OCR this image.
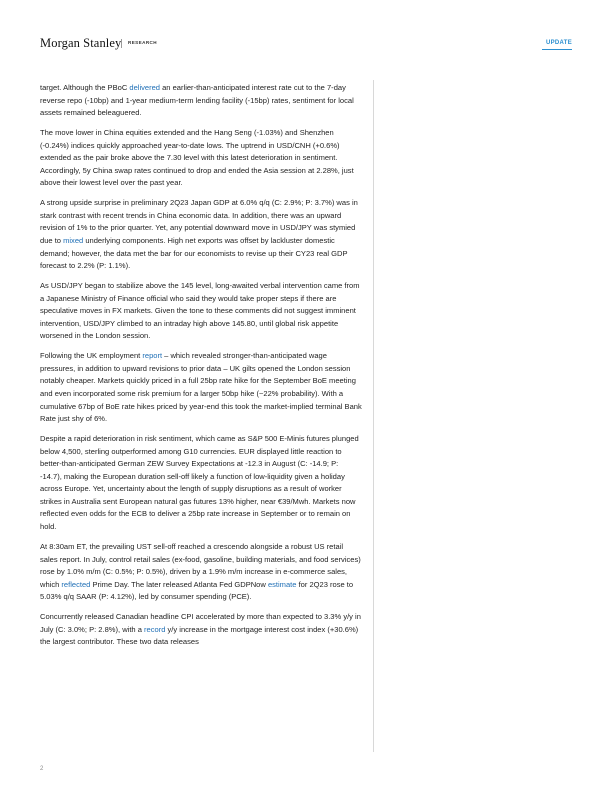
Morgan Stanley RESEARCH	UPDATE

target. Although the PBoC delivered an earlier-than-anticipated interest rate cut to the 7-day reverse repo (-10bp) and 1-year medium-term lending facility (-15bp) rates, sentiment for local assets remained beleaguered.

The move lower in China equities extended and the Hang Seng (-1.03%) and Shenzhen (-0.24%) indices quickly approached year-to-date lows. The uptrend in USD/CNH (+0.6%) extended as the pair broke above the 7.30 level with this latest deterioration in sentiment. Accordingly, 5y China swap rates continued to drop and ended the Asia session at 2.28%, just above their lowest level over the past year.

A strong upside surprise in preliminary 2Q23 Japan GDP at 6.0% q/q (C: 2.9%; P: 3.7%) was in stark contrast with recent trends in China economic data. In addition, there was an upward revision of 1% to the prior quarter. Yet, any potential downward move in USD/JPY was stymied due to mixed underlying components. High net exports was offset by lackluster domestic demand; however, the data met the bar for our economists to revise up their CY23 real GDP forecast to 2.2% (P: 1.1%).

As USD/JPY began to stabilize above the 145 level, long-awaited verbal intervention came from a Japanese Ministry of Finance official who said they would take proper steps if there are speculative moves in FX markets. Given the tone to these comments did not suggest imminent intervention, USD/JPY climbed to an intraday high above 145.80, until global risk appetite worsened in the London session.

Following the UK employment report – which revealed stronger-than-anticipated wage pressures, in addition to upward revisions to prior data – UK gilts opened the London session notably cheaper. Markets quickly priced in a full 25bp rate hike for the September BoE meeting and even incorporated some risk premium for a larger 50bp hike (~22% probability). With a cumulative 67bp of BoE rate hikes priced by year-end this took the market-implied terminal Bank Rate just shy of 6%.

Despite a rapid deterioration in risk sentiment, which came as S&P 500 E-Minis futures plunged below 4,500, sterling outperformed among G10 currencies. EUR displayed little reaction to better-than-anticipated German ZEW Survey Expectations at -12.3 in August (C: -14.9; P: -14.7), making the European duration sell-off likely a function of low-liquidity given a holiday across Europe. Yet, uncertainty about the length of supply disruptions as a result of worker strikes in Australia sent European natural gas futures 13% higher, near €39/Mwh. Markets now reflected even odds for the ECB to deliver a 25bp rate increase in September or to remain on hold.

At 8:30am ET, the prevailing UST sell-off reached a crescendo alongside a robust US retail sales report. In July, control retail sales (ex-food, gasoline, building materials, and food services) rose by 1.0% m/m (C: 0.5%; P: 0.5%), driven by a 1.9% m/m increase in e-commerce sales, which reflected Prime Day. The later released Atlanta Fed GDPNow estimate for 2Q23 rose to 5.03% q/q SAAR (P: 4.12%), led by consumer spending (PCE).

Concurrently released Canadian headline CPI accelerated by more than expected to 3.3% y/y in July (C: 3.0%; P: 2.8%), with a record y/y increase in the mortgage interest cost index (+30.6%) the largest contributor. These two data releases

2
